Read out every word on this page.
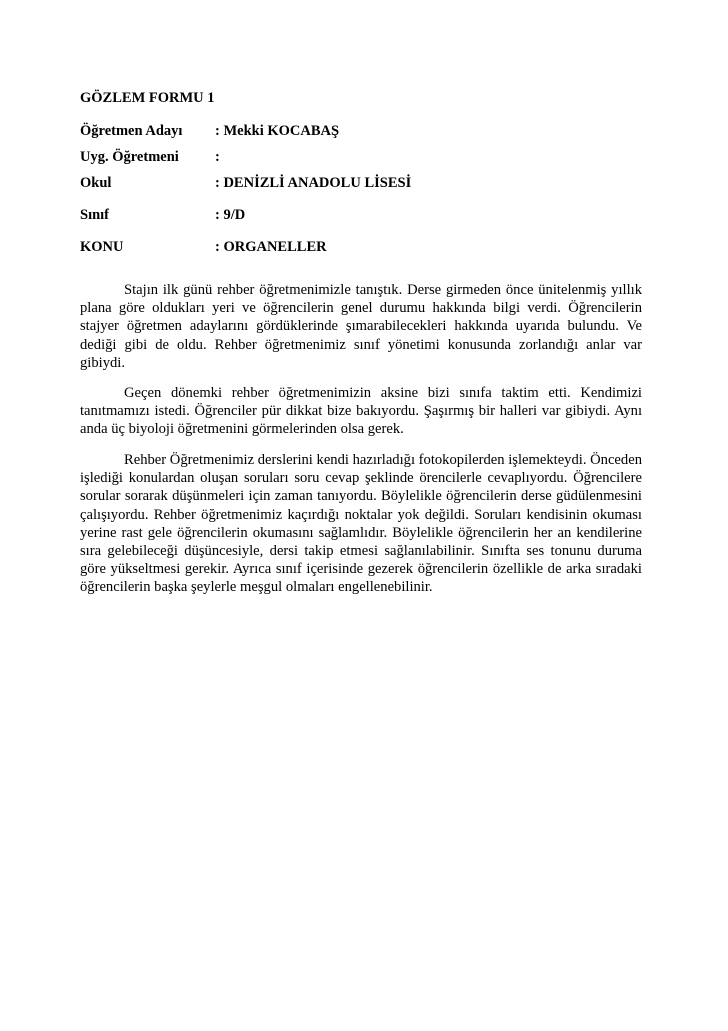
GÖZLEM FORMU 1
Öğretmen Adayı : Mekki KOCABAŞ
Uyg. Öğretmeni :
Okul	: DENİZLİ ANADOLU LİSESİ
Sınıf	: 9/D
KONU	: ORGANELLER

Stajın ilk günü rehber öğretmenimizle tanıştık. Derse girmeden önce ünitelenmiş yıllık plana göre oldukları yeri ve öğrencilerin genel durumu hakkında bilgi verdi. Öğrencilerin stajyer öğretmen adaylarını gördüklerinde şımarabilecekleri hakkında uyarıda bulundu. Ve dediği gibi de oldu. Rehber öğretmenimiz sınıf yönetimi konusunda zorlandığı anlar var gibiydi.

Geçen dönemki rehber öğretmenimizin aksine bizi sınıfa taktim etti. Kendimizi tanıtmamızı istedi. Öğrenciler pür dikkat bize bakıyordu. Şaşırmış bir halleri var gibiydi. Aynı anda üç biyoloji öğretmenini görmelerinden olsa gerek.

Rehber Öğretmenimiz derslerini kendi hazırladığı fotokopilerden işlemekteydi. Önceden işlediği konulardan oluşan soruları soru cevap şeklinde örencilerle cevaplıyordu. Öğrencilere sorular sorarak düşünmeleri için zaman tanıyordu. Böylelikle öğrencilerin derse güdülenmesini çalışıyordu. Rehber öğretmenimiz kaçırdığı noktalar yok değildi. Soruları kendisinin okuması yerine rast gele öğrencilerin okumasını sağlamlıdır. Böylelikle öğrencilerin her an kendilerine sıra gelebileceği düşüncesiyle, dersi takip etmesi sağlanılabilinir. Sınıfta ses tonunu duruma göre yükseltmesi gerekir. Ayrıca sınıf içerisinde gezerek öğrencilerin özellikle de arka sıradaki öğrencilerin başka şeylerle meşgul olmaları engellenebilinir.
